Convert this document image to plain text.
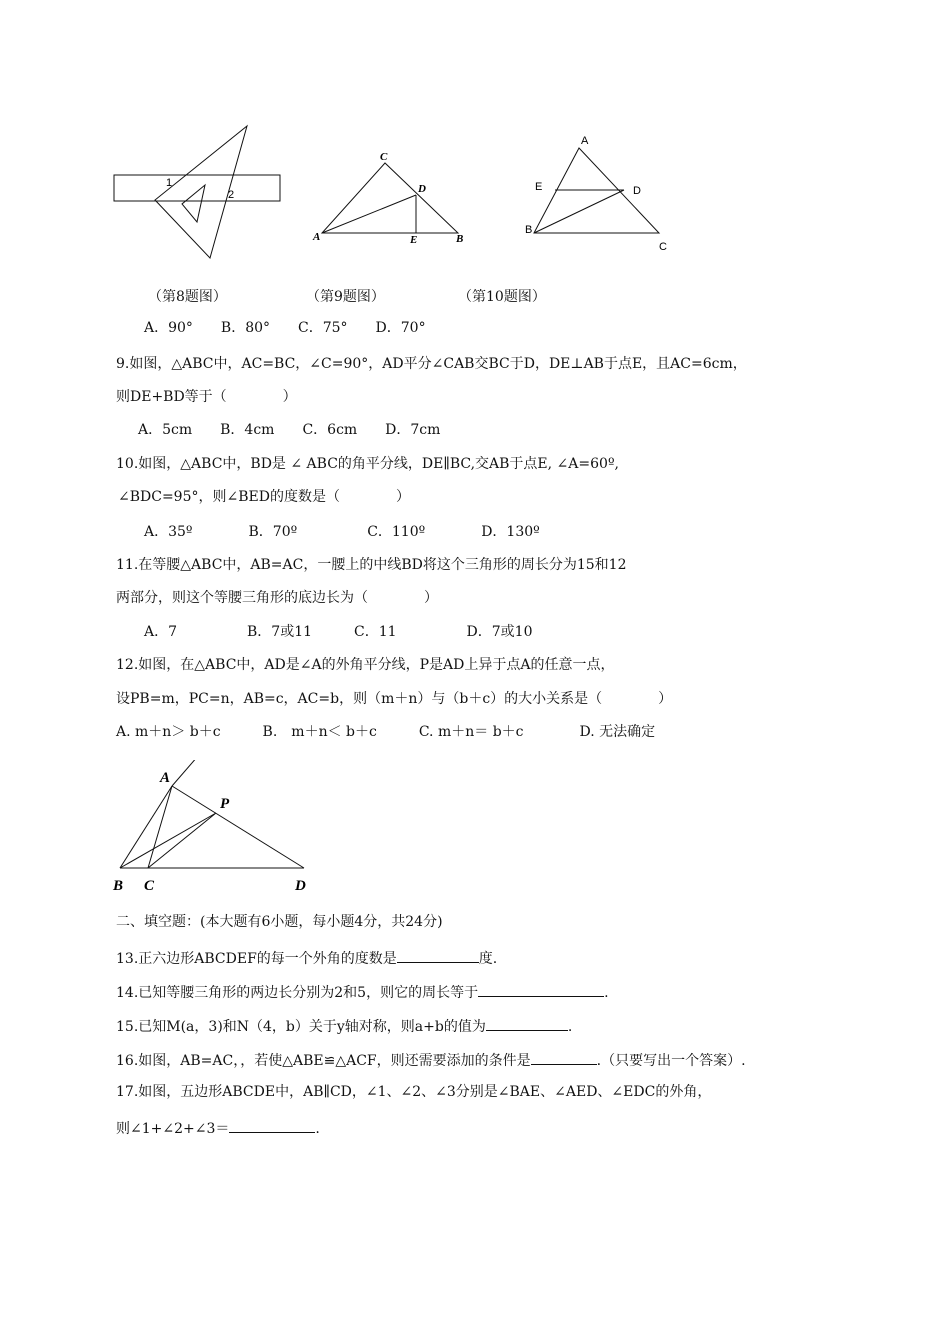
1
2
C
D
A	E	B
A
E	D
B
C
（第8题图）	（第9题图）	（第10题图）
A．90°　　B．80°　　C．75°　　D．70°
9.如图，△ABC中，AC=BC，∠C=90°，AD平分∠CAB交BC于D，DE⊥AB于点E，且AC=6cm，
则DE+BD等于（　　　　）
A．5cm　　B．4cm　　C．6cm　　D．7cm
10.如图，△ABC中，BD是 ∠ ABC的角平分线，DE∥BC,交AB于点E, ∠A=60º,
∠BDC=95°，则∠BED的度数是（　　　　）
A．35º　　　　B．70º　　　　　C．110º　　　　D．130º
11.在等腰△ABC中，AB=AC，一腰上的中线BD将这个三角形的周长分为15和12
两部分，则这个等腰三角形的底边长为（　　　　）
A．7　　　　　B．7或11　　　C．11　　　　　D．7或10
12.如图，在△ABC中，AD是∠A的外角平分线，P是AD上异于点A的任意一点，
设PB=m，PC=n，AB=c，AC=b，则（m＋n）与（b＋c）的大小关系是（　　　　）
A. m＋n＞ b＋c　　　B.　m＋n＜ b＋c　　　C. m＋n＝ b＋c　　　　D. 无法确定
A
P
B C	D
二、填空题：(本大题有6小题，每小题4分，共24分)
13.正六边形ABCDEF的每一个外角的度数是	度.
14.已知等腰三角形的两边长分别为2和5，则它的周长等于	.
15.已知M(a，3)和N（4，b）关于y轴对称，则a+b的值为	.
16.如图，AB=AC，，若使△ABE≌△ACF，则还需要添加的条件是	.（只要写出一个答案）.
17.如图，五边形ABCDE中，AB∥CD，∠1、∠2、∠3分别是∠BAE、∠AED、∠EDC的外角，
则∠1+∠2+∠3＝	.
